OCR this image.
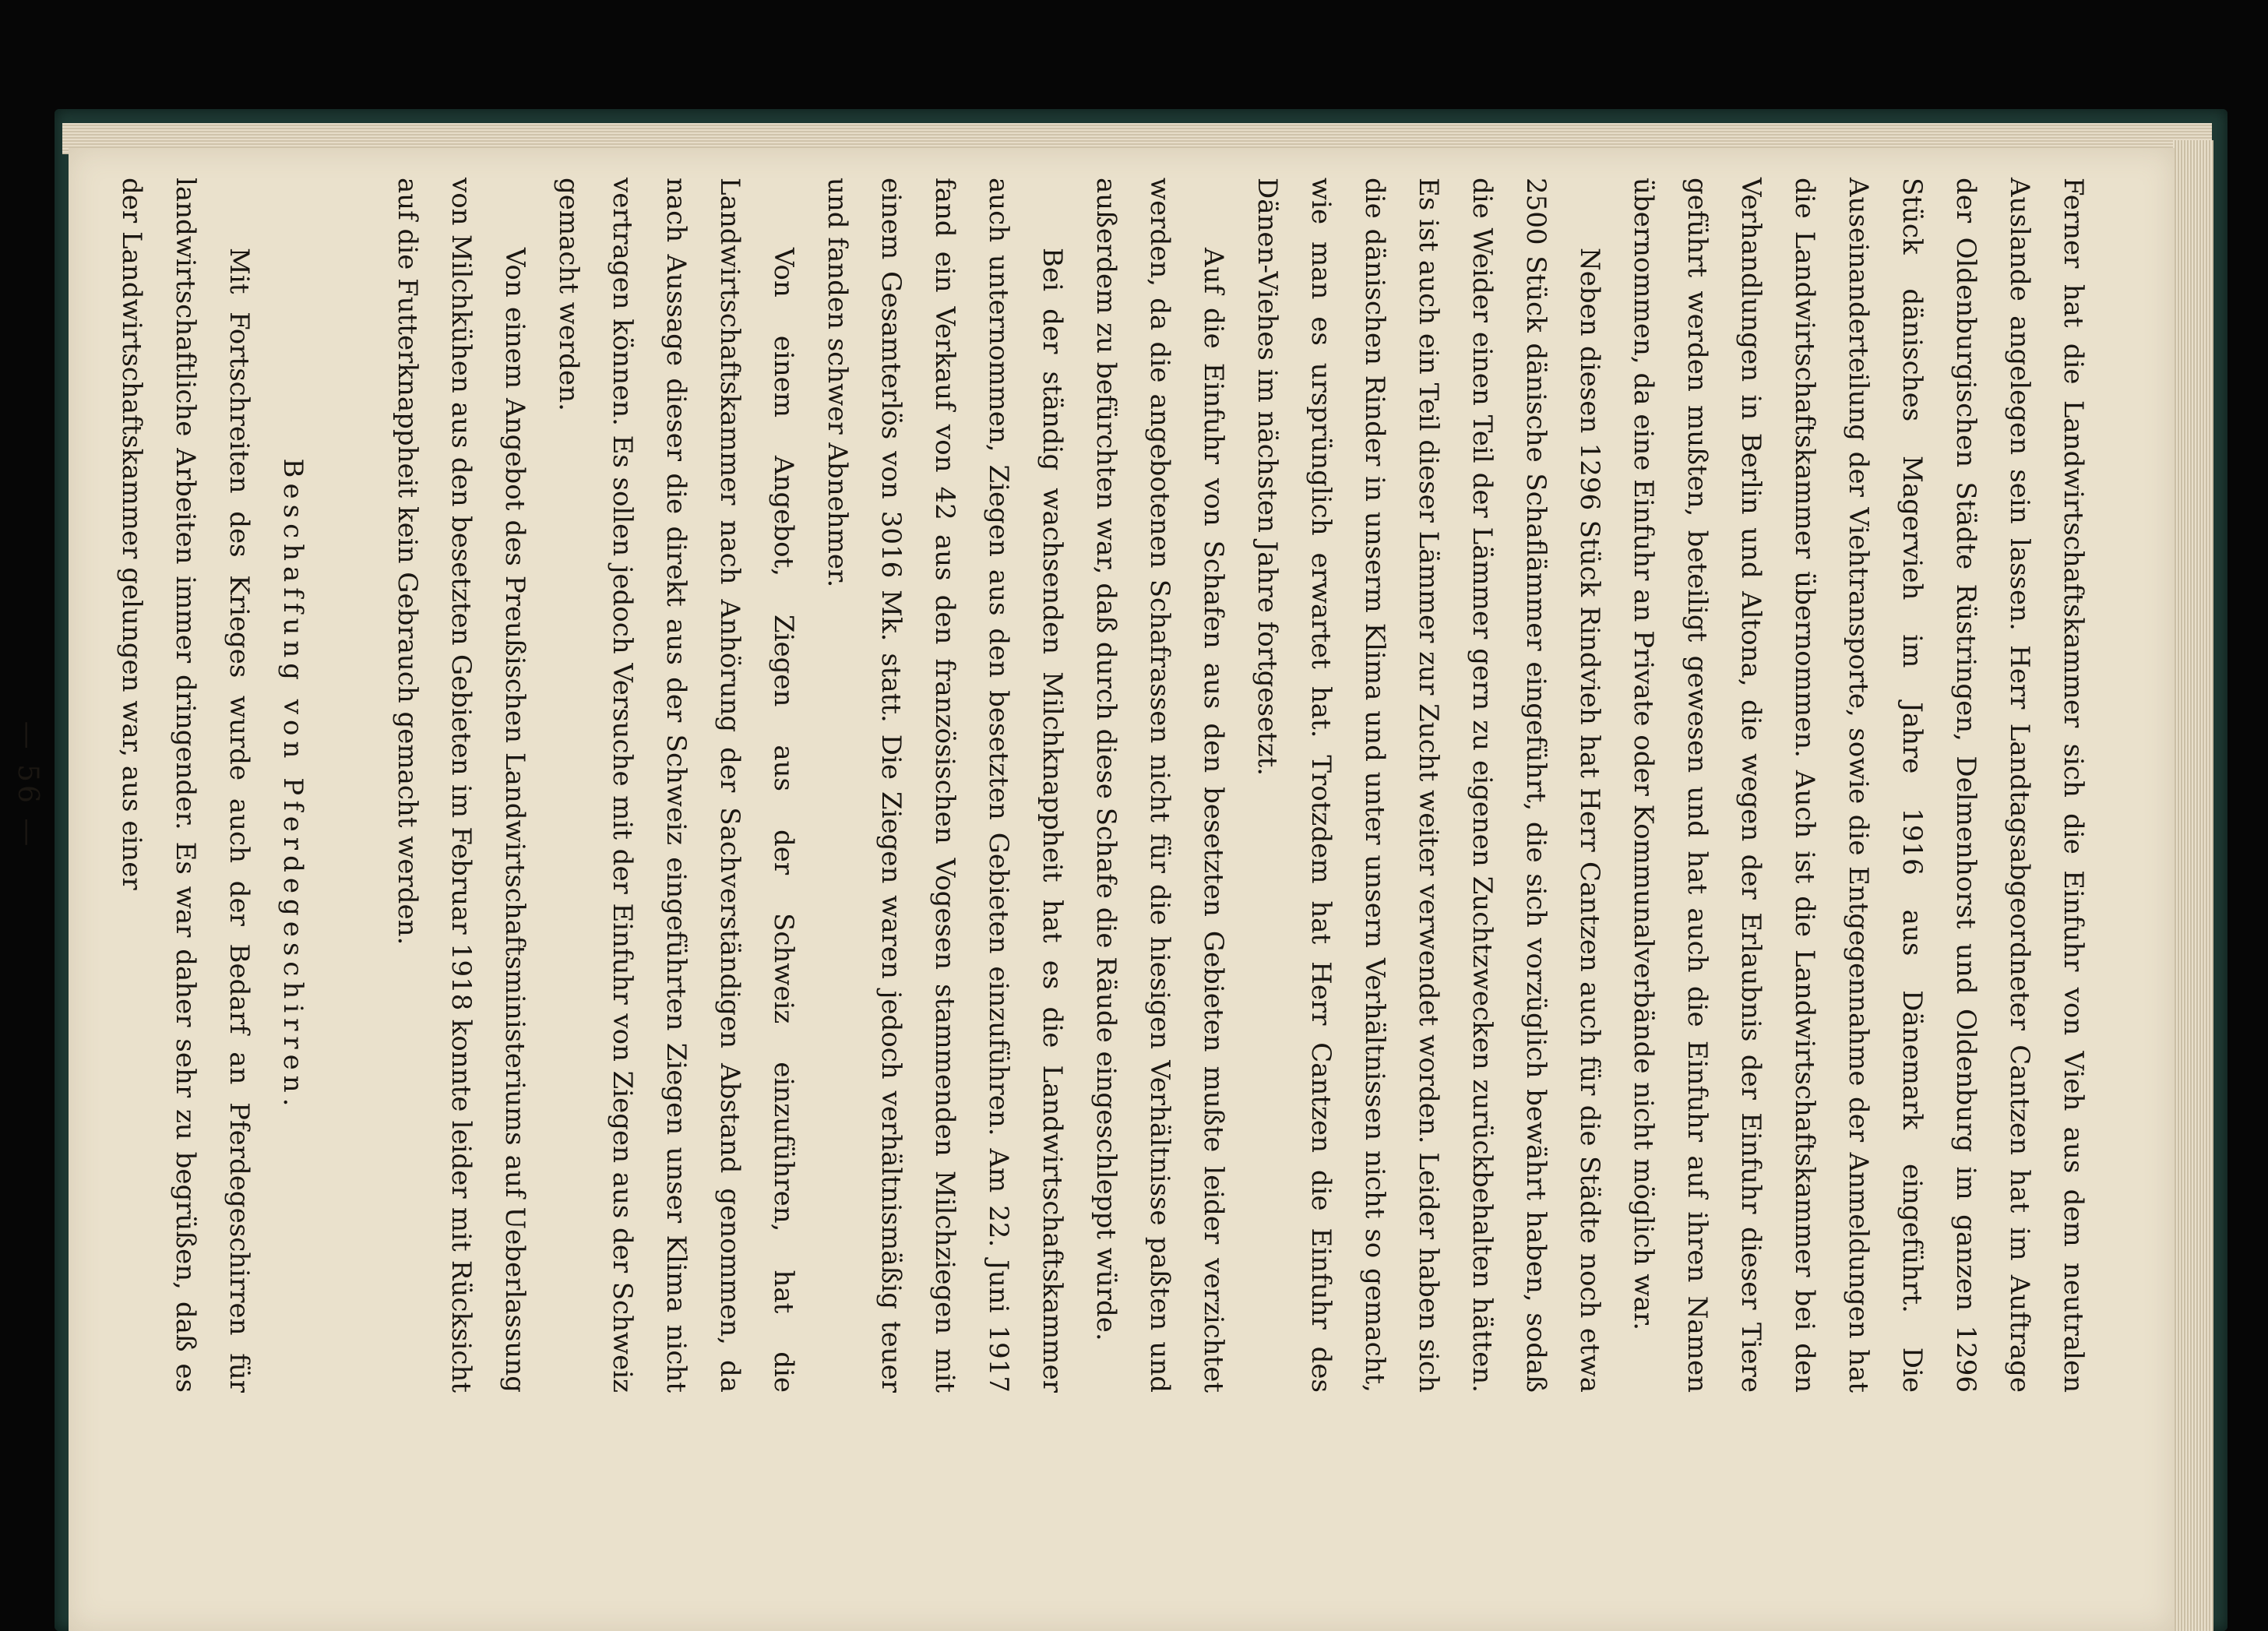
Ferner hat die Landwirtschaftskammer sich die Einfuhr von Vieh aus dem neutralen Auslande angelegen sein lassen. Herr Landtagsabgeordneter Cantzen hat im Auftrage der Oldenburgischen Städte Rüstringen, Delmenhorst und Oldenburg im ganzen 1296 Stück dänisches Magervieh im Jahre 1916 aus Dänemark eingeführt. Die Auseinanderteilung der Viehtransporte, sowie die Entgegennahme der Anmeldungen hat die Landwirtschaftskammer übernommen. Auch ist die Landwirtschaftskammer bei den Verhandlungen in Berlin und Altona, die wegen der Erlaubnis der Einfuhr dieser Tiere geführt werden mußten, beteiligt gewesen und hat auch die Einfuhr auf ihren Namen übernommen, da eine Einfuhr an Private oder Kommunalverbände nicht möglich war.

Neben diesen 1296 Stück Rindvieh hat Herr Cantzen auch für die Städte noch etwa 2500 Stück dänische Schaflämmer eingeführt, die sich vorzüglich bewährt haben, sodaß die Weider einen Teil der Lämmer gern zu eigenen Zuchtzwecken zurückbehalten hätten. Es ist auch ein Teil dieser Lämmer zur Zucht weiter verwendet worden. Leider haben sich die dänischen Rinder in unserm Klima und unter unsern Verhältnissen nicht so gemacht, wie man es ursprünglich erwartet hat. Trotzdem hat Herr Cantzen die Einfuhr des Dänen-Viehes im nächsten Jahre fortgesetzt.

Auf die Einfuhr von Schafen aus den besetzten Gebieten mußte leider verzichtet werden, da die angebotenen Schafrassen nicht für die hiesigen Verhältnisse paßten und außerdem zu befürchten war, daß durch diese Schafe die Räude eingeschleppt würde.

Bei der ständig wachsenden Milchknappheit hat es die Landwirtschaftskammer auch unternommen, Ziegen aus den besetzten Gebieten einzuführen. Am 22. Juni 1917 fand ein Verkauf von 42 aus den französischen Vogesen stammenden Milchziegen mit einem Gesamterlös von 3016 Mk. statt. Die Ziegen waren jedoch verhältnismäßig teuer und fanden schwer Abnehmer.

Von einem Angebot, Ziegen aus der Schweiz einzuführen, hat die Landwirtschaftskammer nach Anhörung der Sachverständigen Abstand genommen, da nach Aussage dieser die direkt aus der Schweiz eingeführten Ziegen unser Klima nicht vertragen können. Es sollen jedoch Versuche mit der Einfuhr von Ziegen aus der Schweiz gemacht werden.

Von einem Angebot des Preußischen Landwirtschaftsministeriums auf Ueberlassung von Milchkühen aus den besetzten Gebieten im Februar 1918 konnte leider mit Rücksicht auf die Futterknappheit kein Gebrauch gemacht werden.

Beschaffung von Pferdegeschirren.

Mit Fortschreiten des Krieges wurde auch der Bedarf an Pferdegeschirren für landwirtschaftliche Arbeiten immer dringender. Es war daher sehr zu begrüßen, daß es der Landwirtschaftskammer gelungen war, aus einer

— 56 —
